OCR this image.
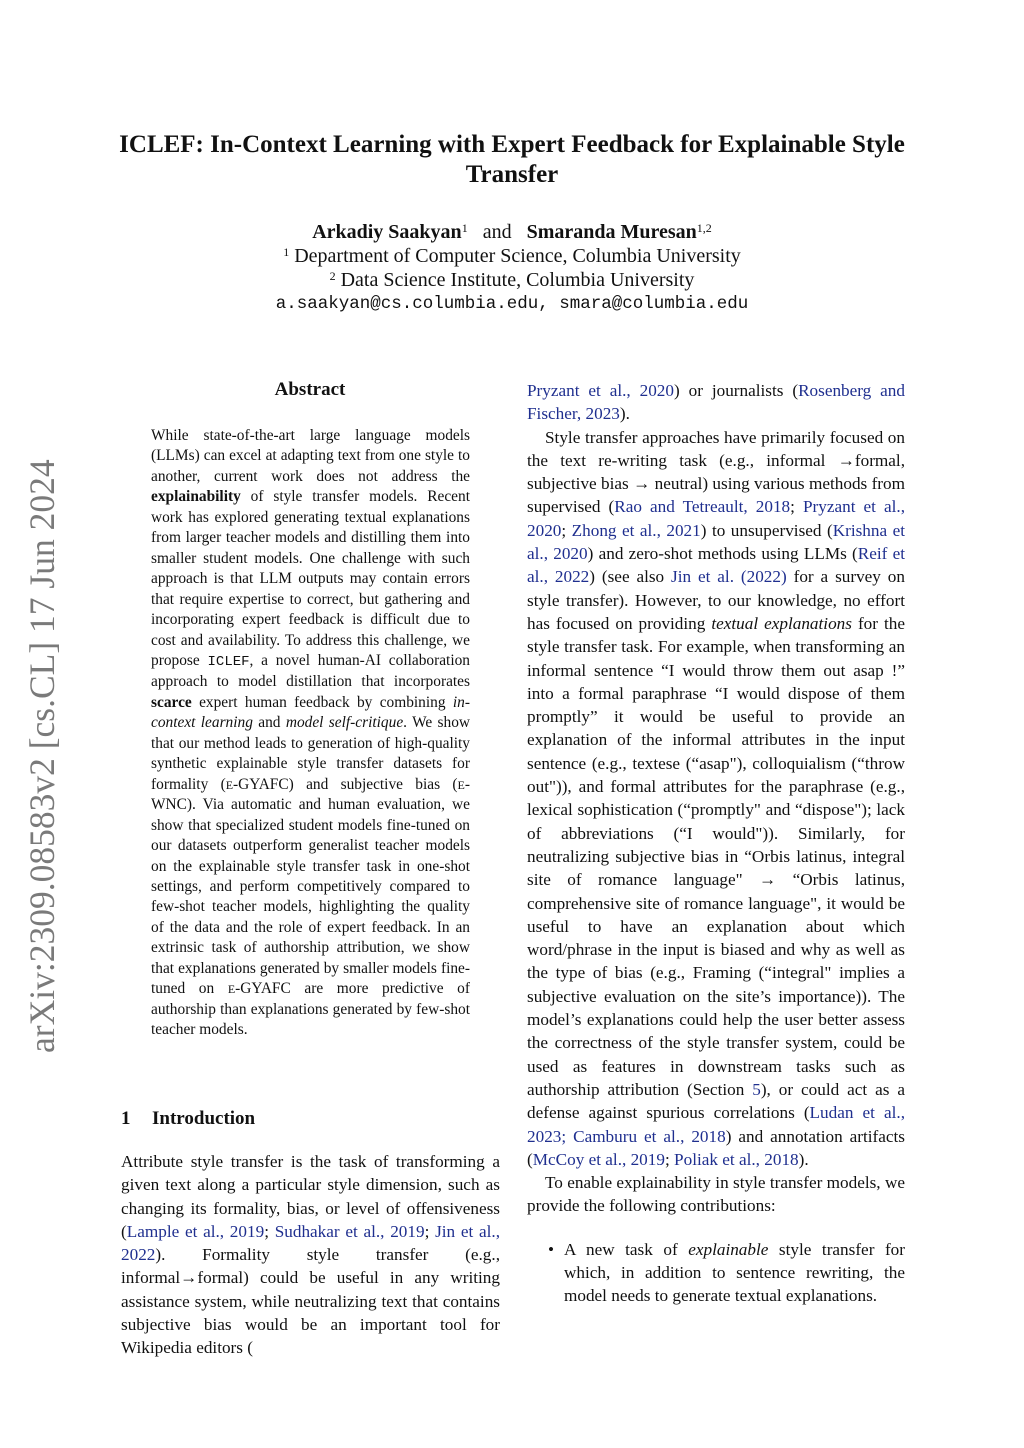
arXiv:2309.08583v2 [cs.CL] 17 Jun 2024
ICLEF: In-Context Learning with Expert Feedback for Explainable Style Transfer
Arkadiy Saakyan$^1$ and Smaranda Muresan$^{1,2}$
$^1$ Department of Computer Science, Columbia University
$^2$ Data Science Institute, Columbia University
a.saakyan@cs.columbia.edu, smara@columbia.edu
Abstract
While state-of-the-art large language models (LLMs) can excel at adapting text from one style to another, current work does not address the explainability of style transfer models. Recent work has explored generating textual explanations from larger teacher models and distilling them into smaller student models. One challenge with such approach is that LLM outputs may contain errors that require expertise to correct, but gathering and incorporating expert feedback is difficult due to cost and availability. To address this challenge, we propose ICLEF, a novel human-AI collaboration approach to model distillation that incorporates scarce expert human feedback by combining in-context learning and model self-critique. We show that our method leads to generation of high-quality synthetic explainable style transfer datasets for formality (E-GYAFC) and subjective bias (E-WNC). Via automatic and human evaluation, we show that specialized student models fine-tuned on our datasets outperform generalist teacher models on the explainable style transfer task in one-shot settings, and perform competitively compared to few-shot teacher models, highlighting the quality of the data and the role of expert feedback. In an extrinsic task of authorship attribution, we show that explanations generated by smaller models fine-tuned on E-GYAFC are more predictive of authorship than explanations generated by few-shot teacher models.
1 Introduction
Attribute style transfer is the task of transforming a given text along a particular style dimension, such as changing its formality, bias, or level of offensiveness (Lample et al., 2019; Sudhakar et al., 2019; Jin et al., 2022). Formality style transfer (e.g., informal→formal) could be useful in any writing assistance system, while neutralizing text that contains subjective bias would be an important tool for Wikipedia editors (

Pryzant et al., 2020) or journalists (Rosenberg and Fischer, 2023).

Style transfer approaches have primarily focused on the text re-writing task (e.g., informal →formal, subjective bias → neutral) using various methods from supervised (Rao and Tetreault, 2018; Pryzant et al., 2020; Zhong et al., 2021) to unsupervised (Krishna et al., 2020) and zero-shot methods using LLMs (Reif et al., 2022) (see also Jin et al. (2022) for a survey on style transfer). However, to our knowledge, no effort has focused on providing textual explanations for the style transfer task. For example, when transforming an informal sentence “I would throw them out asap !” into a formal paraphrase “I would dispose of them promptly” it would be useful to provide an explanation of the informal attributes in the input sentence (e.g., textese (“asap"), colloquialism (“throw out")), and formal attributes for the paraphrase (e.g., lexical sophistication (“promptly" and “dispose"); lack of abbreviations (“I would")). Similarly, for neutralizing subjective bias in “Orbis latinus, integral site of romance language" → “Orbis latinus, comprehensive site of romance language", it would be useful to have an explanation about which word/phrase in the input is biased and why as well as the type of bias (e.g., Framing (“integral" implies a subjective evaluation on the site’s importance)). The model’s explanations could help the user better assess the correctness of the style transfer system, could be used as features in downstream tasks such as authorship attribution (Section 5), or could act as a defense against spurious correlations (Ludan et al., 2023; Camburu et al., 2018) and annotation artifacts (McCoy et al., 2019; Poliak et al., 2018).

To enable explainability in style transfer models, we provide the following contributions:

• A new task of explainable style transfer for which, in addition to sentence rewriting, the model needs to generate textual explanations.
